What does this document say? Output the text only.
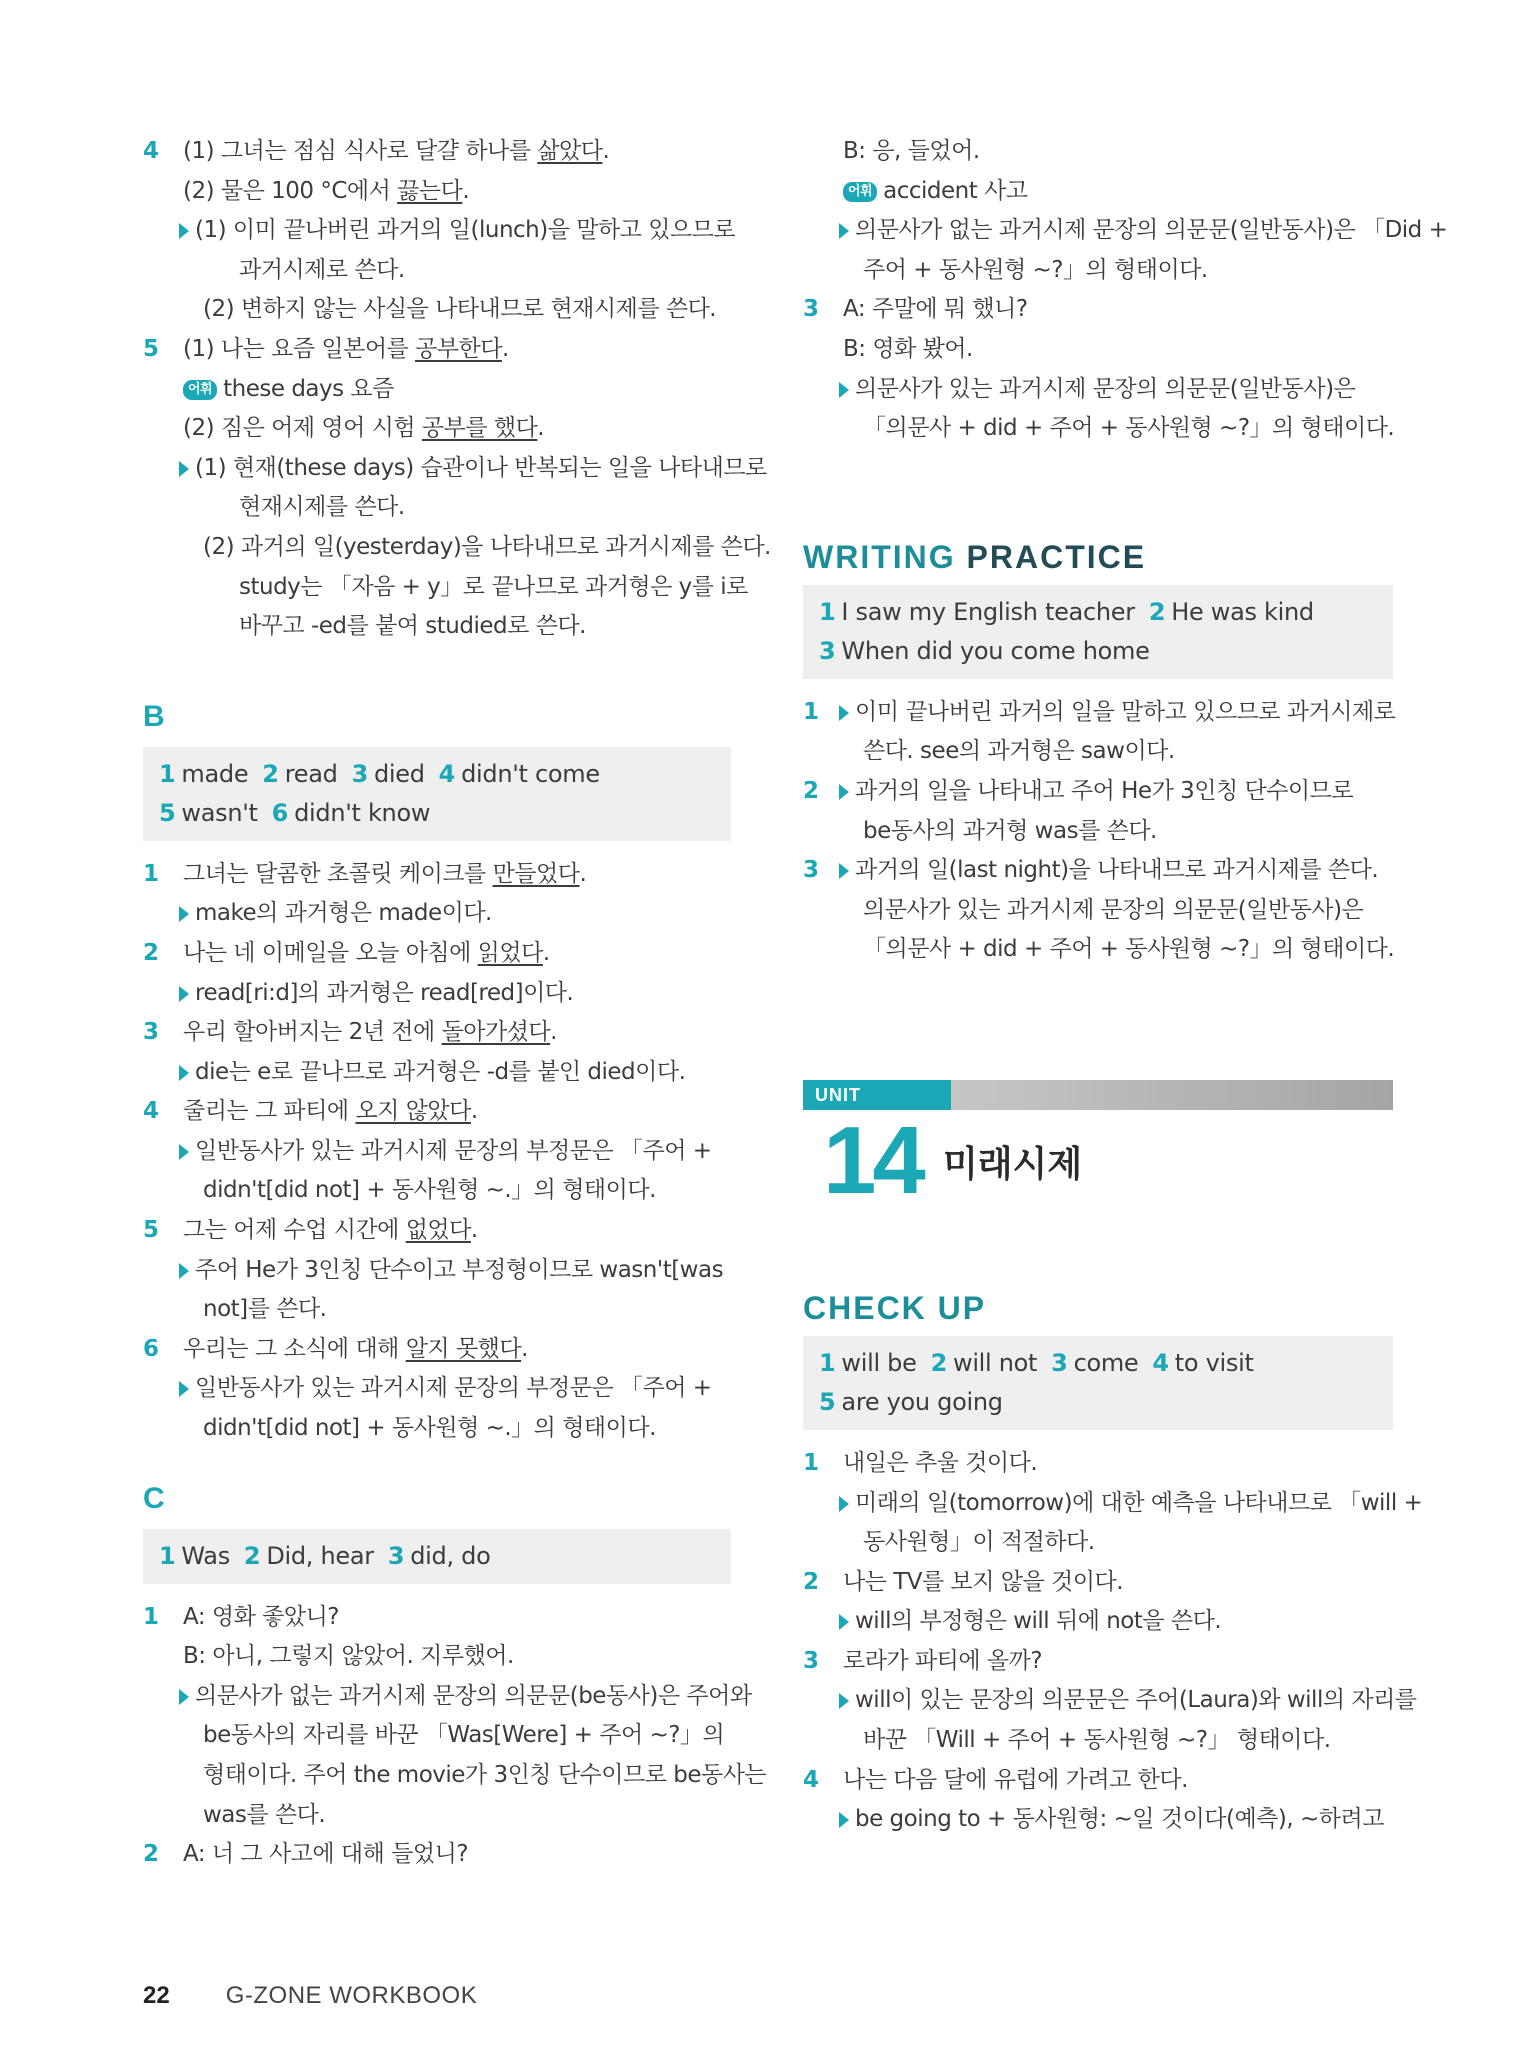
4 (1) 그녀는 점심 식사로 달걀 하나를 삶았다.
(2) 물은 100 °C에서 끓는다.
(1) 이미 끝나버린 과거의 일(lunch)을 말하고 있으므로
과거시제로 쓴다.
(2) 변하지 않는 사실을 나타내므로 현재시제를 쓴다.
5 (1) 나는 요즘 일본어를 공부한다.
어휘 these days 요즘
(2) 짐은 어제 영어 시험 공부를 했다.
(1) 현재(these days) 습관이나 반복되는 일을 나타내므로
현재시제를 쓴다.
(2) 과거의 일(yesterday)을 나타내므로 과거시제를 쓴다.
study는 「자음 + y」로 끝나므로 과거형은 y를 i로
바꾸고 -ed를 붙여 studied로 쓴다.
B
1 made 2 read 3 died 4 didn't come
5 wasn't 6 didn't know
1 그녀는 달콤한 초콜릿 케이크를 만들었다.
make의 과거형은 made이다.
2 나는 네 이메일을 오늘 아침에 읽었다.
read[ri:d]의 과거형은 read[red]이다.
3 우리 할아버지는 2년 전에 돌아가셨다.
die는 e로 끝나므로 과거형은 -d를 붙인 died이다.
4 줄리는 그 파티에 오지 않았다.
일반동사가 있는 과거시제 문장의 부정문은 「주어 +
didn't[did not] + 동사원형 ~.」의 형태이다.
5 그는 어제 수업 시간에 없었다.
주어 He가 3인칭 단수이고 부정형이므로 wasn't[was
not]를 쓴다.
6 우리는 그 소식에 대해 알지 못했다.
일반동사가 있는 과거시제 문장의 부정문은 「주어 +
didn't[did not] + 동사원형 ~.」의 형태이다.
C
1 Was 2 Did, hear 3 did, do
1 A: 영화 좋았니?
B: 아니, 그렇지 않았어. 지루했어.
의문사가 없는 과거시제 문장의 의문문(be동사)은 주어와
be동사의 자리를 바꾼 「Was[Were] + 주어 ~?」의
형태이다. 주어 the movie가 3인칭 단수이므로 be동사는
was를 쓴다.
2 A: 너 그 사고에 대해 들었니?
B: 응, 들었어.
어휘 accident 사고
의문사가 없는 과거시제 문장의 의문문(일반동사)은 「Did +
주어 + 동사원형 ~?」의 형태이다.
3 A: 주말에 뭐 했니?
B: 영화 봤어.
의문사가 있는 과거시제 문장의 의문문(일반동사)은
「의문사 + did + 주어 + 동사원형 ~?」의 형태이다.
WRITING PRACTICE
1 I saw my English teacher 2 He was kind
3 When did you come home
1	이미 끝나버린 과거의 일을 말하고 있으므로 과거시제로
쓴다. see의 과거형은 saw이다.
2	과거의 일을 나타내고 주어 He가 3인칭 단수이므로
be동사의 과거형 was를 쓴다.
3	과거의 일(last night)을 나타내므로 과거시제를 쓴다.
의문사가 있는 과거시제 문장의 의문문(일반동사)은
「의문사 + did + 주어 + 동사원형 ~?」의 형태이다.
UNIT
14 미래시제
CHECK UP
1 will be 2 will not 3 come 4 to visit
5 are you going
1 내일은 추울 것이다.
미래의 일(tomorrow)에 대한 예측을 나타내므로 「will +
동사원형」이 적절하다.
2 나는 TV를 보지 않을 것이다.
will의 부정형은 will 뒤에 not을 쓴다.
3 로라가 파티에 올까?
will이 있는 문장의 의문문은 주어(Laura)와 will의 자리를
바꾼 「Will + 주어 + 동사원형 ~?」 형태이다.
4 나는 다음 달에 유럽에 가려고 한다.
be going to + 동사원형: ~일 것이다(예측), ~하려고
22 G-ZONE WORKBOOK
